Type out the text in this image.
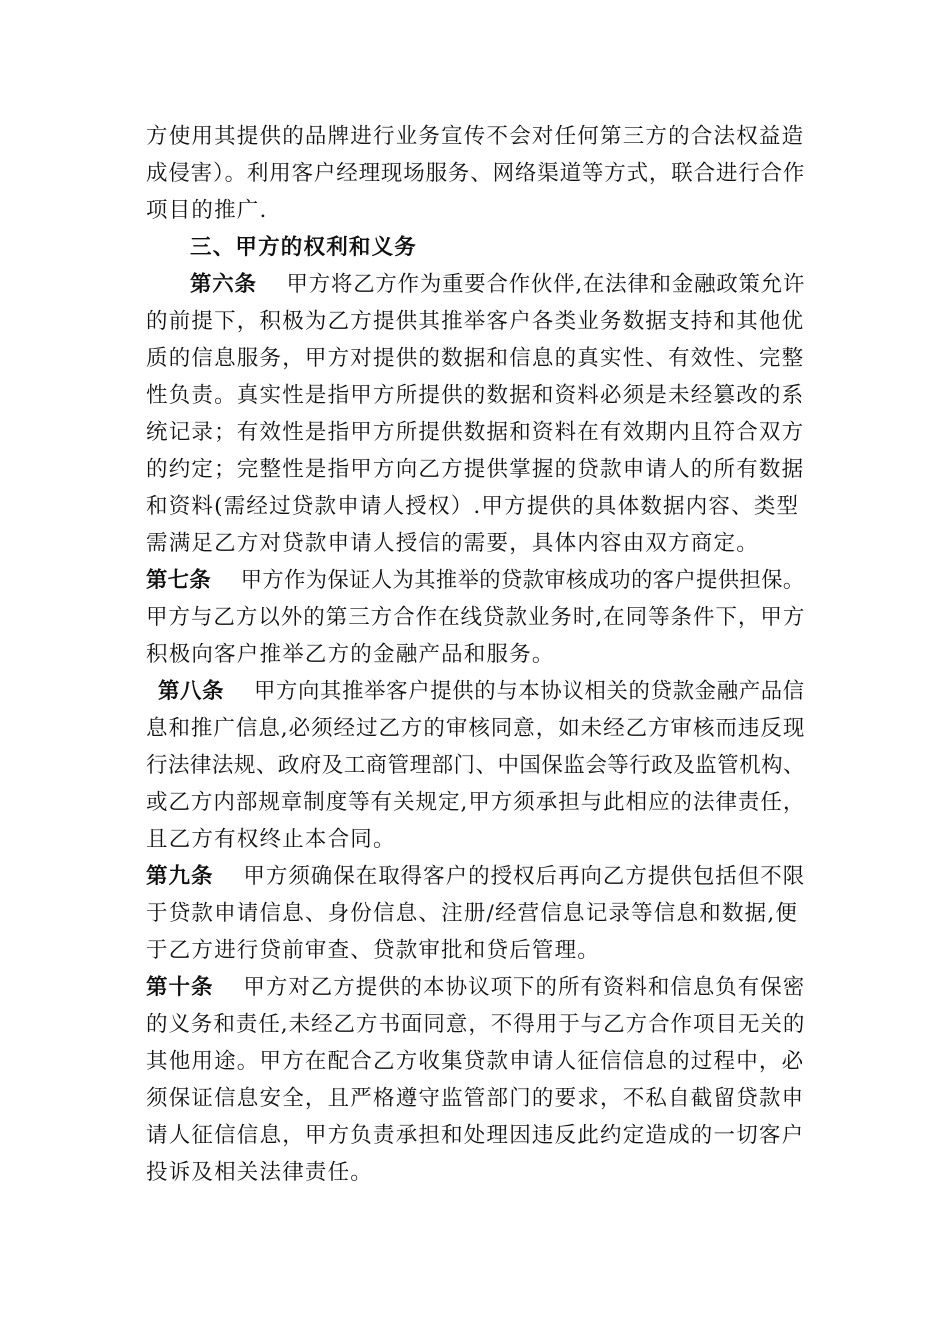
方使用其提供的品牌进行业务宣传不会对任何第三方的合法权益造
成侵害）。利用客户经理现场服务、网络渠道等方式，联合进行合作
项目的推广.
三、甲方的权利和义务
第六条 甲方将乙方作为重要合作伙伴,在法律和金融政策允许
的前提下，积极为乙方提供其推举客户各类业务数据支持和其他优
质的信息服务，甲方对提供的数据和信息的真实性、有效性、完整
性负责。真实性是指甲方所提供的数据和资料必须是未经篡改的系
统记录；有效性是指甲方所提供数据和资料在有效期内且符合双方
的约定；完整性是指甲方向乙方提供掌握的贷款申请人的所有数据
和资料(需经过贷款申请人授权）.甲方提供的具体数据内容、类型
需满足乙方对贷款申请人授信的需要，具体内容由双方商定。
第七条 甲方作为保证人为其推举的贷款审核成功的客户提供担保。
甲方与乙方以外的第三方合作在线贷款业务时,在同等条件下，甲方
积极向客户推举乙方的金融产品和服务。
第八条 甲方向其推举客户提供的与本协议相关的贷款金融产品信
息和推广信息,必须经过乙方的审核同意，如未经乙方审核而违反现
行法律法规、政府及工商管理部门、中国保监会等行政及监管机构、
或乙方内部规章制度等有关规定,甲方须承担与此相应的法律责任，
且乙方有权终止本合同。
第九条 甲方须确保在取得客户的授权后再向乙方提供包括但不限
于贷款申请信息、身份信息、注册/经营信息记录等信息和数据,便
于乙方进行贷前审查、贷款审批和贷后管理。
第十条 甲方对乙方提供的本协议项下的所有资料和信息负有保密
的义务和责任,未经乙方书面同意，不得用于与乙方合作项目无关的
其他用途。甲方在配合乙方收集贷款申请人征信信息的过程中，必
须保证信息安全，且严格遵守监管部门的要求，不私自截留贷款申
请人征信信息，甲方负责承担和处理因违反此约定造成的一切客户
投诉及相关法律责任。
